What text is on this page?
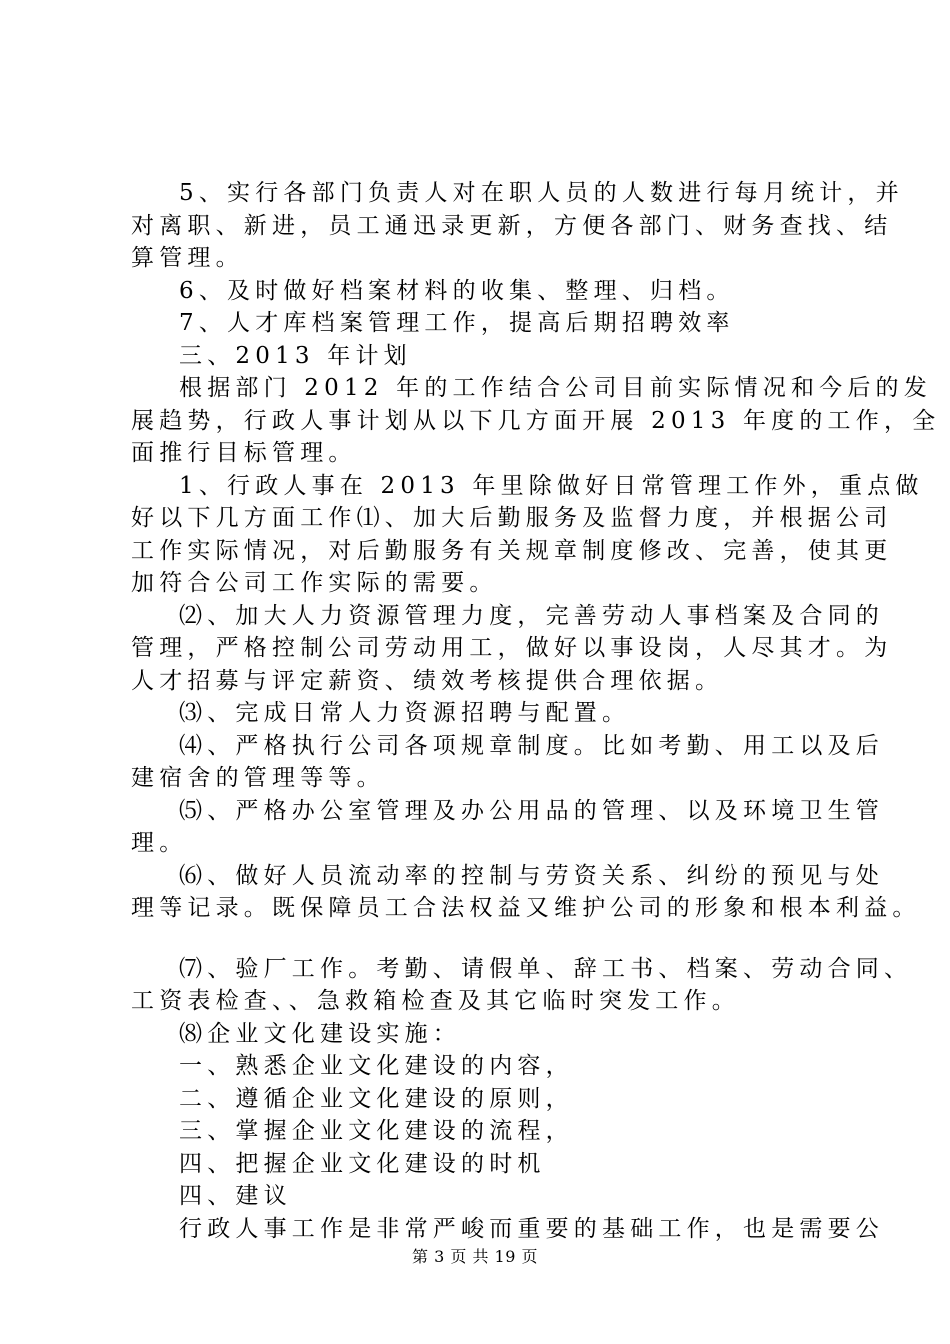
5、实行各部门负责人对在职人员的人数进行每月统计，并
对离职、新进，员工通迅录更新，方便各部门、财务查找、结
算管理。
6、及时做好档案材料的收集、整理、归档。
7、人才库档案管理工作，提高后期招聘效率
三、2013 年计划
根据部门 2012 年的工作结合公司目前实际情况和今后的发
展趋势，行政人事计划从以下几方面开展 2013 年度的工作，全
面推行目标管理。
1、行政人事在 2013 年里除做好日常管理工作外，重点做
好以下几方面工作⑴、加大后勤服务及监督力度，并根据公司
工作实际情况，对后勤服务有关规章制度修改、完善，使其更
加符合公司工作实际的需要。
⑵、加大人力资源管理力度，完善劳动人事档案及合同的
管理，严格控制公司劳动用工，做好以事设岗，人尽其才。为
人才招募与评定薪资、绩效考核提供合理依据。
⑶、完成日常人力资源招聘与配置。
⑷、严格执行公司各项规章制度。比如考勤、用工以及后
建宿舍的管理等等。
⑸、严格办公室管理及办公用品的管理、以及环境卫生管
理。
⑹、做好人员流动率的控制与劳资关系、纠纷的预见与处
理等记录。既保障员工合法权益又维护公司的形象和根本利益。
⑺、验厂工作。考勤、请假单、辞工书、档案、劳动合同、
工资表检查、、急救箱检查及其它临时突发工作。
⑻企业文化建设实施：
一、熟悉企业文化建设的内容，
二、遵循企业文化建设的原则，
三、掌握企业文化建设的流程，
四、把握企业文化建设的时机
四、建议
行政人事工作是非常严峻而重要的基础工作，也是需要公
第 3 页 共 19 页
